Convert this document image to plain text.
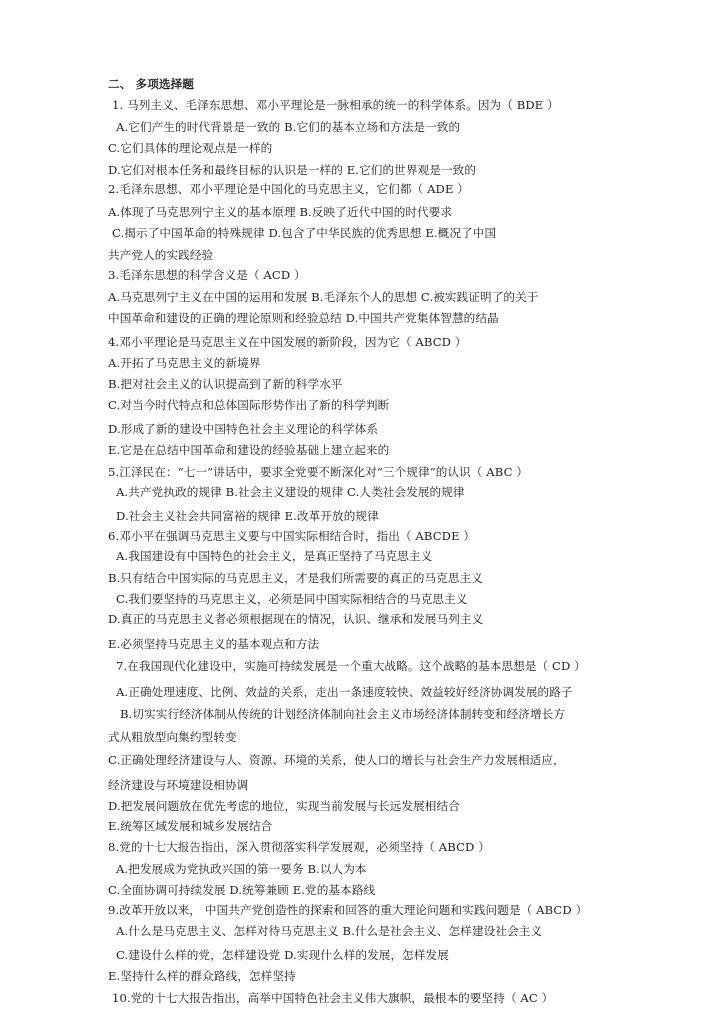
二、 多项选择题
1. 马列主义、毛泽东思想、邓小平理论是一脉相承的统一的科学体系。因为（ BDE ）
A.它们产生的时代背景是一致的 B.它们的基本立场和方法是一致的
C.它们具体的理论观点是一样的
D.它们对根本任务和最终目标的认识是一样的 E.它们的世界观是一致的
2.毛泽东思想、邓小平理论是中国化的马克思主义，它们都（ ADE ）
A.体现了马克思列宁主义的基本原理 B.反映了近代中国的时代要求
C.揭示了中国革命的特殊规律 D.包含了中华民族的优秀思想 E.概况了中国
共产党人的实践经验
3.毛泽东思想的科学含义是（ ACD ）
A.马克思列宁主义在中国的运用和发展 B.毛泽东个人的思想 C.被实践证明了的关于
中国革命和建设的正确的理论原则和经验总结 D.中国共产党集体智慧的结晶
4.邓小平理论是马克思主义在中国发展的新阶段，因为它（ ABCD ）
A.开拓了马克思主义的新境界
B.把对社会主义的认识提高到了新的科学水平
C.对当今时代特点和总体国际形势作出了新的科学判断
D.形成了新的建设中国特色社会主义理论的科学体系
E.它是在总结中国革命和建设的经验基础上建立起来的
5.江泽民在：“七一”讲话中，要求全党要不断深化对“三个规律”的认识（ ABC ）
A.共产党执政的规律 B.社会主义建设的规律 C.人类社会发展的规律
D.社会主义社会共同富裕的规律 E.改革开放的规律
6.邓小平在强调马克思主义要与中国实际相结合时，指出（ ABCDE ）
A.我国建设有中国特色的社会主义，是真正坚持了马克思主义
B.只有结合中国实际的马克思主义，才是我们所需要的真正的马克思主义
C.我们要坚持的马克思主义，必须是同中国实际相结合的马克思主义
D.真正的马克思主义者必须根据现在的情况，认识、继承和发展马列主义
E.必须坚持马克思主义的基本观点和方法
7.在我国现代化建设中，实施可持续发展是一个重大战略。这个战略的基本思想是（ CD ）
A.正确处理速度、比例、效益的关系，走出一条速度较快、效益较好经济协调发展的路子
B.切实实行经济体制从传统的计划经济体制向社会主义市场经济体制转变和经济增长方
式从粗放型向集约型转变
C.正确处理经济建设与人、资源、环境的关系，使人口的增长与社会生产力发展相适应，
经济建设与环境建设相协调
D.把发展问题放在优先考虑的地位，实现当前发展与长远发展相结合
E.统筹区域发展和城乡发展结合
8.党的十七大报告指出，深入贯彻落实科学发展观，必须坚持（ ABCD ）
A.把发展成为党执政兴国的第一要务 B.以人为本
C.全面协调可持续发展 D.统筹兼顾 E.党的基本路线
9.改革开放以来， 中国共产党创造性的探索和回答的重大理论问题和实践问题是（ ABCD ）
A.什么是马克思主义、怎样对待马克思主义 B.什么是社会主义、怎样建设社会主义
C.建设什么样的党，怎样建设党 D.实现什么样的发展，怎样发展
E.坚持什么样的群众路线，怎样坚持
10.党的十七大报告指出，高举中国特色社会主义伟大旗帜，最根本的要坚持（ AC ）
